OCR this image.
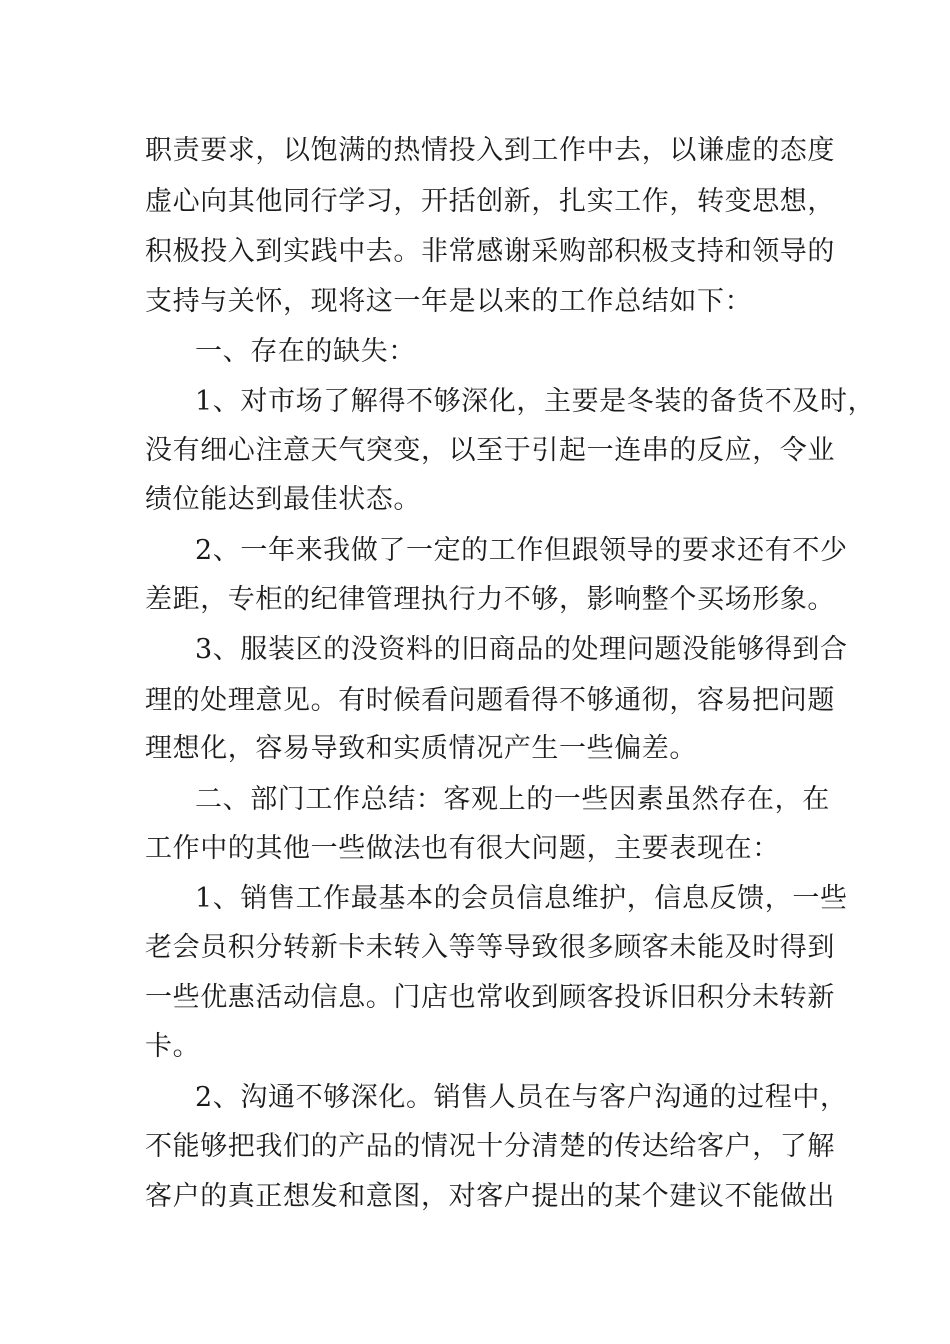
职责要求，以饱满的热情投入到工作中去，以谦虚的态度
虚心向其他同行学习，开括创新，扎实工作，转变思想，
积极投入到实践中去。非常感谢采购部积极支持和领导的
支持与关怀，现将这一年是以来的工作总结如下：
一、存在的缺失：
1、对市场了解得不够深化，主要是冬装的备货不及时，
没有细心注意天气突变，以至于引起一连串的反应，令业
绩位能达到最佳状态。
2、一年来我做了一定的工作但跟领导的要求还有不少
差距，专柜的纪律管理执行力不够，影响整个买场形象。
3、服装区的没资料的旧商品的处理问题没能够得到合
理的处理意见。有时候看问题看得不够通彻，容易把问题
理想化，容易导致和实质情况产生一些偏差。
二、部门工作总结：客观上的一些因素虽然存在，在
工作中的其他一些做法也有很大问题，主要表现在：
1、销售工作最基本的会员信息维护，信息反馈，一些
老会员积分转新卡未转入等等导致很多顾客未能及时得到
一些优惠活动信息。门店也常收到顾客投诉旧积分未转新
卡。
2、沟通不够深化。销售人员在与客户沟通的过程中，
不能够把我们的产品的情况十分清楚的传达给客户，了解
客户的真正想发和意图，对客户提出的某个建议不能做出
